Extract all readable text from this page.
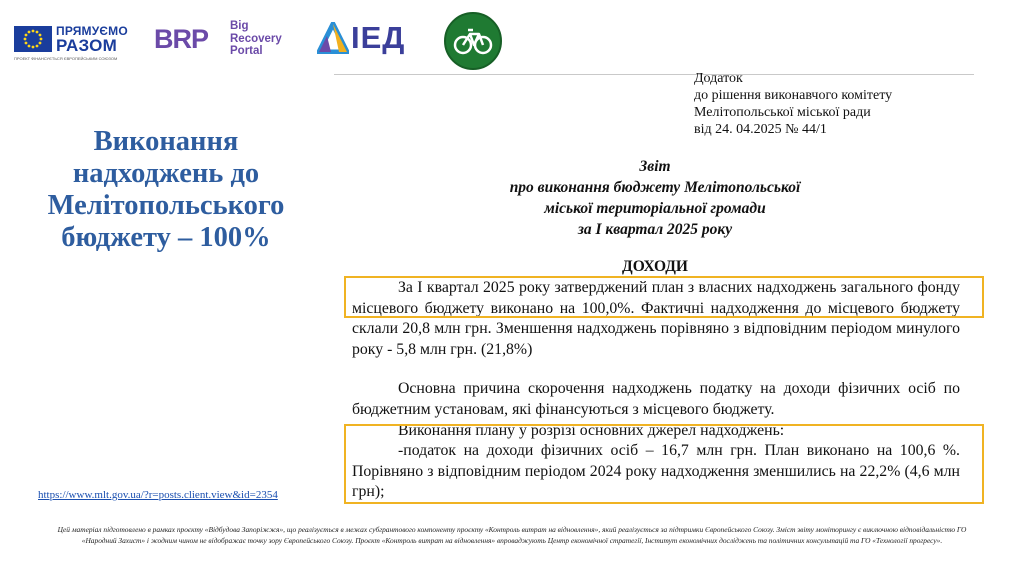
ПРЯМУЄМО
РАЗОМ
ПРОЕКТ ФІНАНСУЄТЬСЯ ЄВРОПЕЙСЬКИМ СОЮЗОМ
BRP Big
Recovery
Portal	IЕД
Виконання
надходжень до
Мелітопольського
бюджету – 100%
https://www.mlt.gov.ua/?r=posts.client.view&id=2354
Додаток
до рішення виконавчого комітету
Мелітопольської міської ради
від 24. 04.2025 № 44/1
Звіт
про виконання бюджету Мелітопольської
міської територіальної громади
за І квартал 2025 року
ДОХОДИ
За І квартал 2025 року затверджений план з власних надходжень загального фонду місцевого бюджету виконано на 100,0%. Фактичні надходження до місцевого бюджету склали 20,8 млн грн. Зменшення надходжень порівняно з відповідним періодом минулого року - 5,8 млн грн. (21,8%)
Основна причина скорочення надходжень податку на доходи фізичних осіб по бюджетним установам, які фінансуються з місцевого бюджету.
Виконання плану у розрізі основних джерел надходжень:
-податок на доходи фізичних осіб – 16,7 млн грн. План виконано на 100,6 %. Порівняно з відповідним періодом 2024 року надходження зменшились на 22,2% (4,6 млн грн);
Цей матеріал підготовлено в рамках проєкту «Відбудова Запоріжжя», що реалізується в межах субгрантового компоненту проєкту «Контроль витрат на відновлення», який реалізується за підтримки Європейського Союзу. Зміст звіту моніторингу є виключною відповідальністю ГО «Народний Захист» і жодним чином не відображає точку зору Європейського Союзу. Проєкт «Контроль витрат на відновлення» впроваджують Центр економічної стратегії, Інститут економічних досліджень та політичних консультацій та ГО «Технології прогресу».
